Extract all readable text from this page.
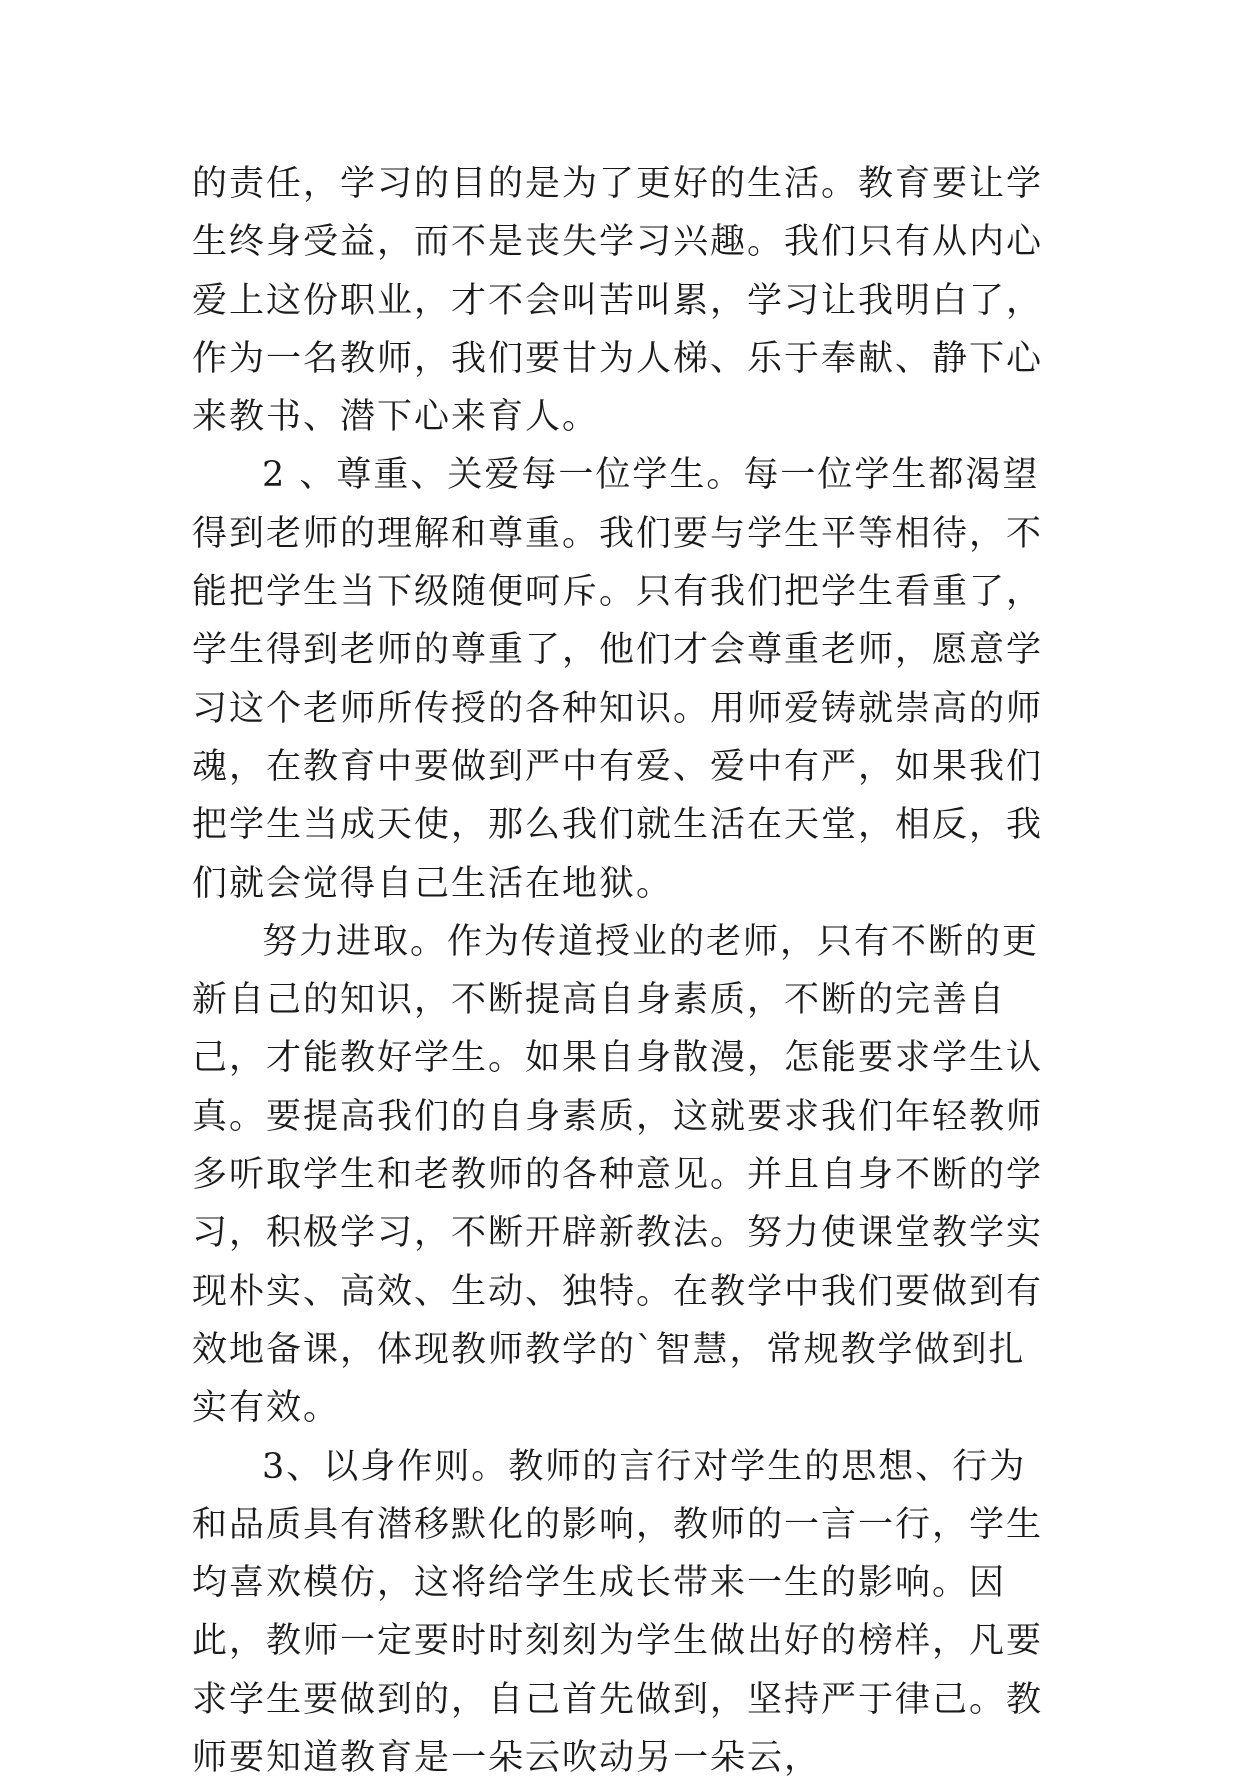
的责任，学习的目的是为了更好的生活。教育要让学生终身受益，而不是丧失学习兴趣。我们只有从内心爱上这份职业，才不会叫苦叫累，学习让我明白了，作为一名教师，我们要甘为人梯、乐于奉献、静下心来教书、潜下心来育人。

2 、尊重、关爱每一位学生。每一位学生都渴望得到老师的理解和尊重。我们要与学生平等相待，不能把学生当下级随便呵斥。只有我们把学生看重了，学生得到老师的尊重了，他们才会尊重老师，愿意学习这个老师所传授的各种知识。用师爱铸就崇高的师魂，在教育中要做到严中有爱、爱中有严，如果我们把学生当成天使，那么我们就生活在天堂，相反，我们就会觉得自己生活在地狱。

努力进取。作为传道授业的老师，只有不断的更新自己的知识，不断提高自身素质，不断的完善自己，才能教好学生。如果自身散漫，怎能要求学生认真。要提高我们的自身素质，这就要求我们年轻教师多听取学生和老教师的各种意见。并且自身不断的学习，积极学习，不断开辟新教法。努力使课堂教学实现朴实、高效、生动、独特。在教学中我们要做到有效地备课，体现教师教学的`智慧，常规教学做到扎实有效。

3、以身作则。教师的言行对学生的思想、行为和品质具有潜移默化的影响，教师的一言一行，学生均喜欢模仿，这将给学生成长带来一生的影响。因此，教师一定要时时刻刻为学生做出好的榜样，凡要求学生要做到的，自己首先做到，坚持严于律己。教师要知道教育是一朵云吹动另一朵云，
